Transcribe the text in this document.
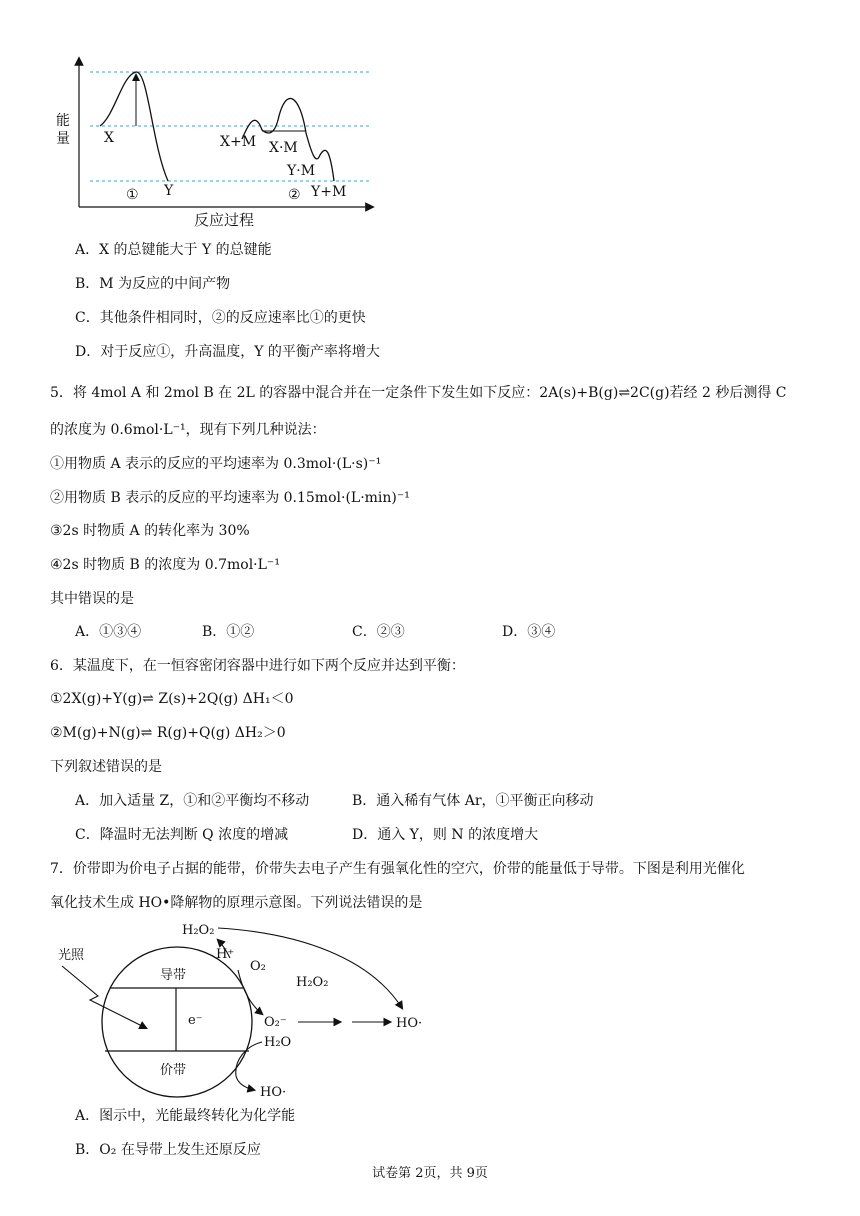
能
量 X
Y
①
X+M X·M
Y·M
② Y+M
反应过程
A．X 的总键能大于 Y 的总键能
B．M 为反应的中间产物
C．其他条件相同时，②的反应速率比①的更快
D．对于反应①，升高温度，Y 的平衡产率将增大
5．将 4mol A 和 2mol B 在 2L 的容器中混合并在一定条件下发生如下反应：2A(s)+B(g)⇌2C(g)若经 2 秒后测得 C
的浓度为 0.6mol·L⁻¹，现有下列几种说法：
①用物质 A 表示的反应的平均速率为 0.3mol·(L·s)⁻¹
②用物质 B 表示的反应的平均速率为 0.15mol·(L·min)⁻¹
③2s 时物质 A 的转化率为 30%
④2s 时物质 B 的浓度为 0.7mol·L⁻¹
其中错误的是
A．①③④	B．①②	C．②③	D．③④
6．某温度下，在一恒容密闭容器中进行如下两个反应并达到平衡：
①2X(g)+Y(g)⇌ Z(s)+2Q(g) ΔH₁＜0
②M(g)+N(g)⇌ R(g)+Q(g) ΔH₂＞0
下列叙述错误的是
A．加入适量 Z，①和②平衡均不移动	B．通入稀有气体 Ar，①平衡正向移动
C．降温时无法判断 Q 浓度的增减	D．通入 Y，则 N 的浓度增大
7．价带即为价电子占据的能带，价带失去电子产生有强氧化性的空穴，价带的能量低于导带。下图是利用光催化
氧化技术生成 HO•降解物的原理示意图。下列说法错误的是
导带
价带
e⁻
光照
H₂O₂
H⁺
O₂
H₂O₂
O₂⁻	HO·
H₂O
HO·
A．图示中，光能最终转化为化学能
B．O₂ 在导带上发生还原反应
试卷第 2页，共 9页
